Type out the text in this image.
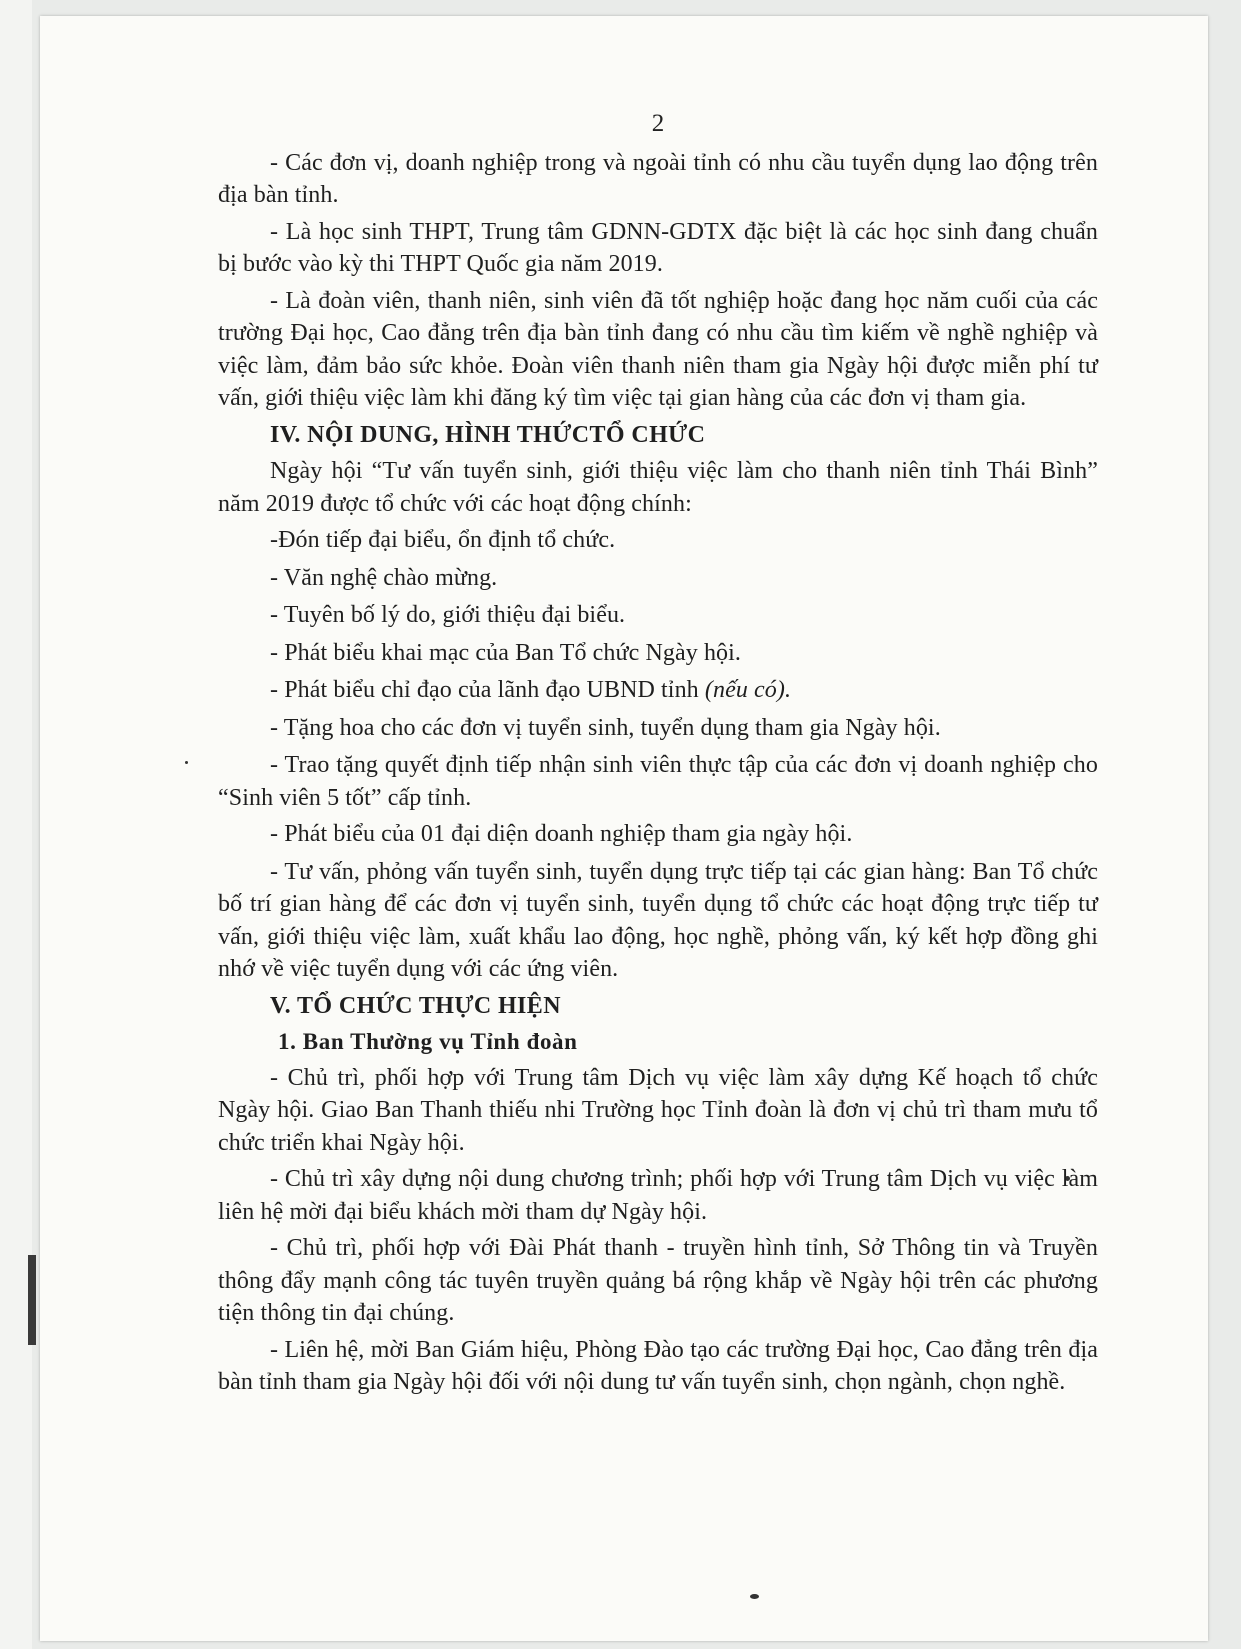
2

- Các đơn vị, doanh nghiệp trong và ngoài tỉnh có nhu cầu tuyển dụng lao động trên địa bàn tỉnh.

- Là học sinh THPT, Trung tâm GDNN-GDTX đặc biệt là các học sinh đang chuẩn bị bước vào kỳ thi THPT Quốc gia năm 2019.

- Là đoàn viên, thanh niên, sinh viên đã tốt nghiệp hoặc đang học năm cuối của các trường Đại học, Cao đẳng trên địa bàn tỉnh đang có nhu cầu tìm kiếm về nghề nghiệp và việc làm, đảm bảo sức khỏe. Đoàn viên thanh niên tham gia Ngày hội được miễn phí tư vấn, giới thiệu việc làm khi đăng ký tìm việc tại gian hàng của các đơn vị tham gia.

IV. NỘI DUNG, HÌNH THỨCTỔ CHỨC

Ngày hội “Tư vấn tuyển sinh, giới thiệu việc làm cho thanh niên tỉnh Thái Bình” năm 2019 được tổ chức với các hoạt động chính:

-Đón tiếp đại biểu, ổn định tổ chức.

- Văn nghệ chào mừng.

- Tuyên bố lý do, giới thiệu đại biểu.

- Phát biểu khai mạc của Ban Tổ chức Ngày hội.

- Phát biểu chỉ đạo của lãnh đạo UBND tỉnh (nếu có).

- Tặng hoa cho các đơn vị tuyển sinh, tuyển dụng tham gia Ngày hội.

- Trao tặng quyết định tiếp nhận sinh viên thực tập của các đơn vị doanh nghiệp cho “Sinh viên 5 tốt” cấp tỉnh.

- Phát biểu của 01 đại diện doanh nghiệp tham gia ngày hội.

- Tư vấn, phỏng vấn tuyển sinh, tuyển dụng trực tiếp tại các gian hàng: Ban Tổ chức bố trí gian hàng để các đơn vị tuyển sinh, tuyển dụng tổ chức các hoạt động trực tiếp tư vấn, giới thiệu việc làm, xuất khẩu lao động, học nghề, phỏng vấn, ký kết hợp đồng ghi nhớ về việc tuyển dụng với các ứng viên.

V. TỔ CHỨC THỰC HIỆN
1. Ban Thường vụ Tỉnh đoàn

- Chủ trì, phối hợp với Trung tâm Dịch vụ việc làm xây dựng Kế hoạch tổ chức Ngày hội. Giao Ban Thanh thiếu nhi Trường học Tỉnh đoàn là đơn vị chủ trì tham mưu tổ chức triển khai Ngày hội.

- Chủ trì xây dựng nội dung chương trình; phối hợp với Trung tâm Dịch vụ việc làm liên hệ mời đại biểu khách mời tham dự Ngày hội.

- Chủ trì, phối hợp với Đài Phát thanh - truyền hình tỉnh, Sở Thông tin và Truyền thông đẩy mạnh công tác tuyên truyền quảng bá rộng khắp về Ngày hội trên các phương tiện thông tin đại chúng.

- Liên hệ, mời Ban Giám hiệu, Phòng Đào tạo các trường Đại học, Cao đẳng trên địa bàn tỉnh tham gia Ngày hội đối với nội dung tư vấn tuyển sinh, chọn ngành, chọn nghề.
